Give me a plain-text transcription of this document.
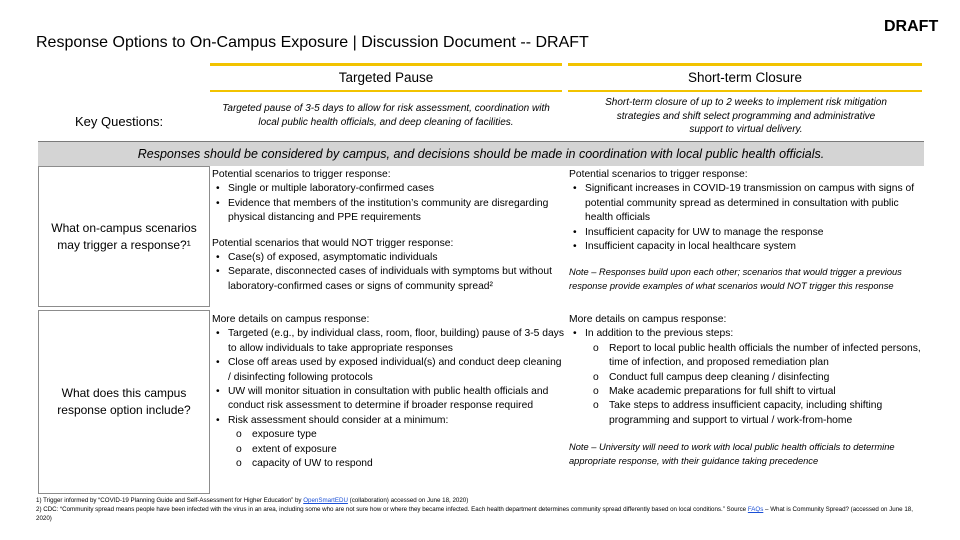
Response Options to On-Campus Exposure | Discussion Document -- DRAFT
DRAFT
Targeted Pause	Short-term Closure
Targeted pause of 3-5 days to allow for risk assessment, coordination with local public health officials, and deep cleaning of facilities.
Short-term closure of up to 2 weeks to implement risk mitigation strategies and shift select programming and administrative support to virtual delivery.
Key Questions:
Responses should be considered by campus, and decisions should be made in coordination with local public health officials.
What on-campus scenarios may trigger a response?¹
Potential scenarios to trigger response:
• Single or multiple laboratory-confirmed cases
• Evidence that members of the institution’s community are disregarding physical distancing and PPE requirements
Potential scenarios that would NOT trigger response:
• Case(s) of exposed, asymptomatic individuals
• Separate, disconnected cases of individuals with symptoms but without laboratory-confirmed cases or signs of community spread²
Potential scenarios to trigger response:
• Significant increases in COVID-19 transmission on campus with signs of potential community spread as determined in consultation with public health officials
• Insufficient capacity for UW to manage the response
• Insufficient capacity in local healthcare system
Note – Responses build upon each other; scenarios that would trigger a previous response provide examples of what scenarios would NOT trigger this response
What does this campus response option include?
More details on campus response:
• Targeted (e.g., by individual class, room, floor, building) pause of 3-5 days to allow individuals to take appropriate responses
• Close off areas used by exposed individual(s) and conduct deep cleaning / disinfecting following protocols
• UW will monitor situation in consultation with public health officials and conduct risk assessment to determine if broader response required
• Risk assessment should consider at a minimum:
o exposure type
o extent of exposure
o capacity of UW to respond
More details on campus response:
• In addition to the previous steps:
o Report to local public health officials the number of infected persons, time of infection, and proposed remediation plan
o Conduct full campus deep cleaning / disinfecting
o Make academic preparations for full shift to virtual
o Take steps to address insufficient capacity, including shifting programming and support to virtual / work-from-home
Note – University will need to work with local public health officials to determine appropriate response, with their guidance taking precedence
1) Trigger informed by “COVID-19 Planning Guide and Self-Assessment for Higher Education” by OpenSmartEDU (collaboration) accessed on June 18, 2020)
2) CDC: “Community spread means people have been infected with the virus in an area, including some who are not sure how or where they became infected. Each health department determines community spread differently based on local conditions.” Source FAQs – What is Community Spread? (accessed on June 18, 2020)
